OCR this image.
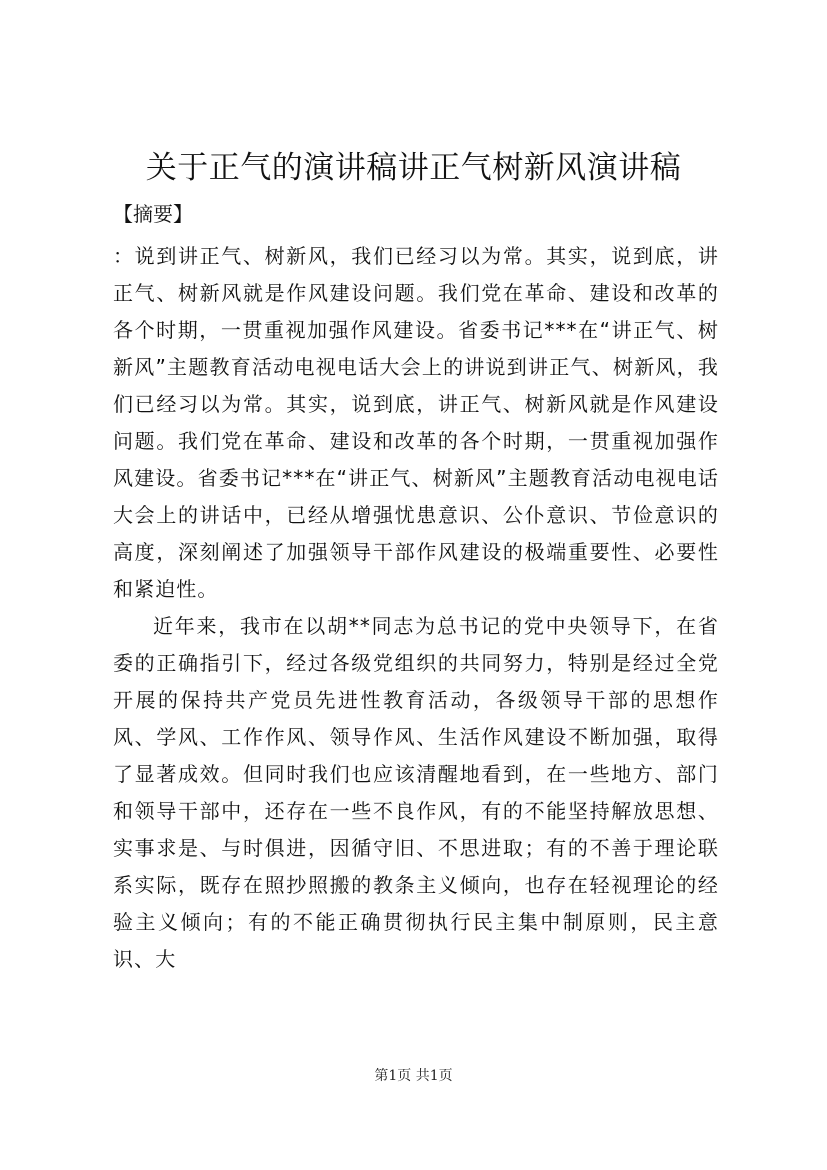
关于正气的演讲稿讲正气树新风演讲稿
【摘要】

：说到讲正气、树新风，我们已经习以为常。其实，说到底，讲正气、树新风就是作风建设问题。我们党在革命、建设和改革的各个时期，一贯重视加强作风建设。省委书记***在“讲正气、树新风”主题教育活动电视电话大会上的讲说到讲正气、树新风，我们已经习以为常。其实，说到底，讲正气、树新风就是作风建设问题。我们党在革命、建设和改革的各个时期，一贯重视加强作风建设。省委书记***在“讲正气、树新风”主题教育活动电视电话大会上的讲话中，已经从增强忧患意识、公仆意识、节俭意识的高度，深刻阐述了加强领导干部作风建设的极端重要性、必要性和紧迫性。

近年来，我市在以胡**同志为总书记的党中央领导下，在省委的正确指引下，经过各级党组织的共同努力，特别是经过全党开展的保持共产党员先进性教育活动，各级领导干部的思想作风、学风、工作作风、领导作风、生活作风建设不断加强，取得了显著成效。但同时我们也应该清醒地看到，在一些地方、部门和领导干部中，还存在一些不良作风，有的不能坚持解放思想、实事求是、与时俱进，因循守旧、不思进取；有的不善于理论联系实际，既存在照抄照搬的教条主义倾向，也存在轻视理论的经验主义倾向；有的不能正确贯彻执行民主集中制原则，民主意识、大

第1页 共1页
